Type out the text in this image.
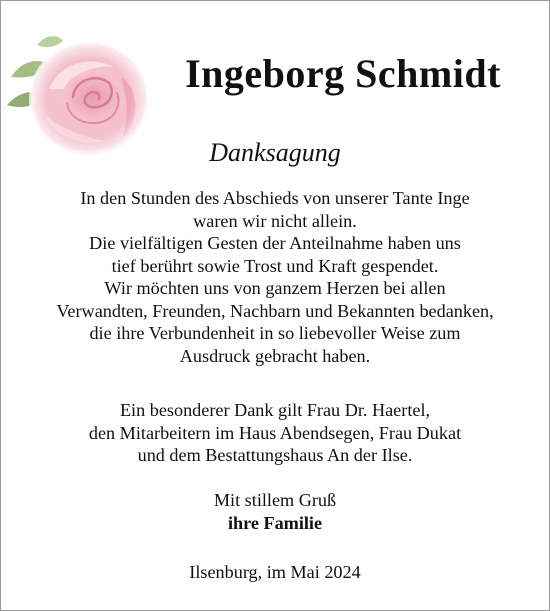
Ingeborg Schmidt
Danksagung
In den Stunden des Abschieds von unserer Tante Inge
waren wir nicht allein.
Die vielfältigen Gesten der Anteilnahme haben uns
tief berührt sowie Trost und Kraft gespendet.
Wir möchten uns von ganzem Herzen bei allen
Verwandten, Freunden, Nachbarn und Bekannten bedanken,
die ihre Verbundenheit in so liebevoller Weise zum
Ausdruck gebracht haben.
Ein besonderer Dank gilt Frau Dr. Haertel,
den Mitarbeitern im Haus Abendsegen, Frau Dukat
und dem Bestattungshaus An der Ilse.
Mit stillem Gruß
ihre Familie
Ilsenburg, im Mai 2024
